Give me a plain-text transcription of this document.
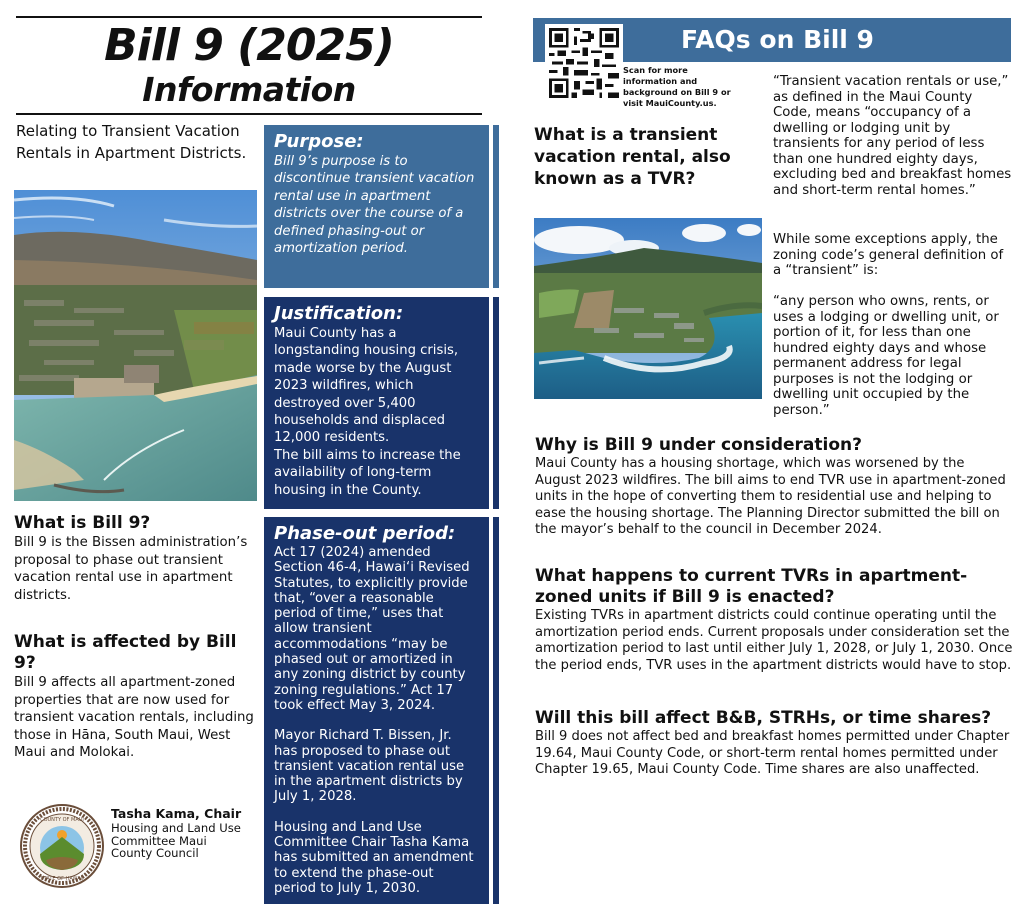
Bill 9 (2025)
Information
Relating to Transient Vacation Rentals in Apartment Districts.
What is Bill 9?
Bill 9 is the Bissen administration’s proposal to phase out transient vacation rental use in apartment districts.
What is affected by Bill 9?
Bill 9 affects all apartment-zoned properties that are now used for transient vacation rentals, including those in Hāna, South Maui, West Maui and Molokai.
COUNTY OF MAUI
STATE OF HAWAII
Tasha Kama, Chair
Housing and Land Use Committee Maui County Council
Purpose:
Bill 9’s purpose is to discontinue transient vacation rental use in apartment districts over the course of a defined phasing-out or amortization period.
Justification:
Maui County has a longstanding housing crisis, made worse by the August 2023 wildfires, which destroyed over 5,400 households and displaced 12,000 residents.
The bill aims to increase the availability of long-term housing in the County.
Phase-out period:
Act 17 (2024) amended Section 46-4, Hawai‘i Revised Statutes, to explicitly provide that, “over a reasonable period of time,” uses that allow transient accommodations “may be phased out or amortized in any zoning district by county zoning regulations.” Act 17 took effect May 3, 2024.
Mayor Richard T. Bissen, Jr. has proposed to phase out transient vacation rental use in the apartment districts by July 1, 2028.
Housing and Land Use Committee Chair Tasha Kama has submitted an amendment to extend the phase-out period to July 1, 2030.
FAQs on Bill 9
Scan for more information and background on Bill 9 or visit MauiCounty.us.
What is a transient vacation rental, also known as a TVR?
“Transient vacation rentals or use,” as defined in the Maui County Code, means “occupancy of a dwelling or lodging unit by transients for any period of less than one hundred eighty days, excluding bed and breakfast homes and short-term rental homes.”
While some exceptions apply, the zoning code’s general definition of a “transient” is:
“any person who owns, rents, or uses a lodging or dwelling unit, or portion of it, for less than one hundred eighty days and whose permanent address for legal purposes is not the lodging or dwelling unit occupied by the person.”
Why is Bill 9 under consideration?
Maui County has a housing shortage, which was worsened by the August 2023 wildfires. The bill aims to end TVR use in apartment-zoned units in the hope of converting them to residential use and helping to ease the housing shortage. The Planning Director submitted the bill on the mayor’s behalf to the council in December 2024.
What happens to current TVRs in apartment-zoned units if Bill 9 is enacted?
Existing TVRs in apartment districts could continue operating until the amortization period ends. Current proposals under consideration set the amortization period to last until either July 1, 2028, or July 1, 2030. Once the period ends, TVR uses in the apartment districts would have to stop.
Will this bill affect B&B, STRHs, or time shares?
Bill 9 does not affect bed and breakfast homes permitted under Chapter 19.64, Maui County Code, or short-term rental homes permitted under Chapter 19.65, Maui County Code. Time shares are also unaffected.
